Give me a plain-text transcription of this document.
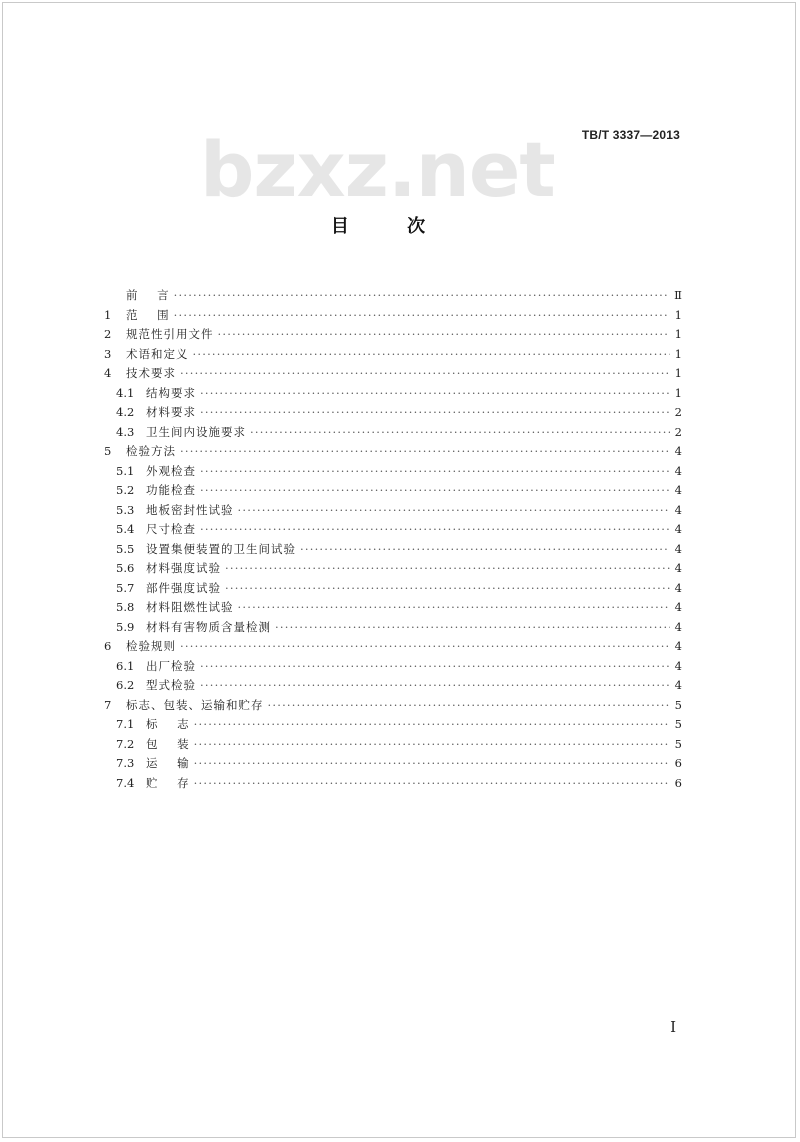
bzxz.net	TB/T 3337—2013
目 次
前    言 ·····	Ⅱ
1	范    围 ·····	1
2	规范性引用文件 ·····	1
3	术语和定义 ·····	1
4	技术要求 ·····	1
4.1	结构要求 ·····	1
4.2	材料要求 ·····	2
4.3	卫生间内设施要求 ·····	2
5	检验方法 ·····	4
5.1	外观检查 ·····	4
5.2	功能检查 ·····	4
5.3	地板密封性试验 ·····	4
5.4	尺寸检查 ·····	4
5.5	设置集便装置的卫生间试验 ·····	4
5.6	材料强度试验 ·····	4
5.7	部件强度试验 ·····	4
5.8	材料阻燃性试验 ·····	4
5.9	材料有害物质含量检测 ·····	4
6	检验规则 ·····	4
6.1	出厂检验 ·····	4
6.2	型式检验 ·····	4
7	标志、包装、运输和贮存 ·····	5
7.1	标    志 ·····	5
7.2	包    装 ·····	5
7.3	运    输 ·····	6
7.4	贮    存 ·····	6
I
